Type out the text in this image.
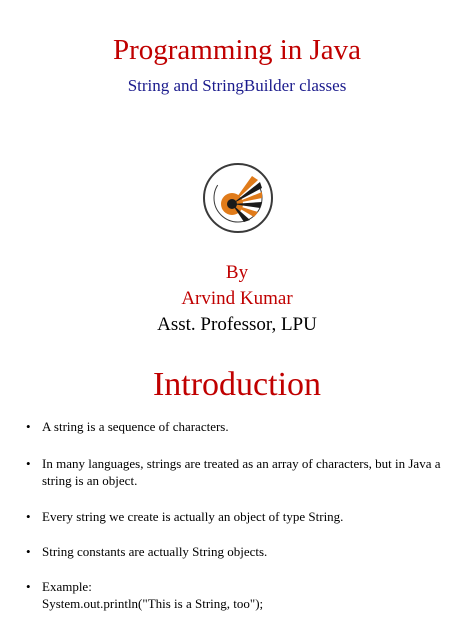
Programming in Java
String and StringBuilder classes
By
Arvind Kumar
Asst. Professor, LPU
Introduction
• A string is a sequence of characters.
• In many languages, strings are treated as an array of characters, but in Java a string is an object.
• Every string we create is actually an object of type String.
• String constants are actually String objects.
• Example:
System.out.println("This is a String, too");
